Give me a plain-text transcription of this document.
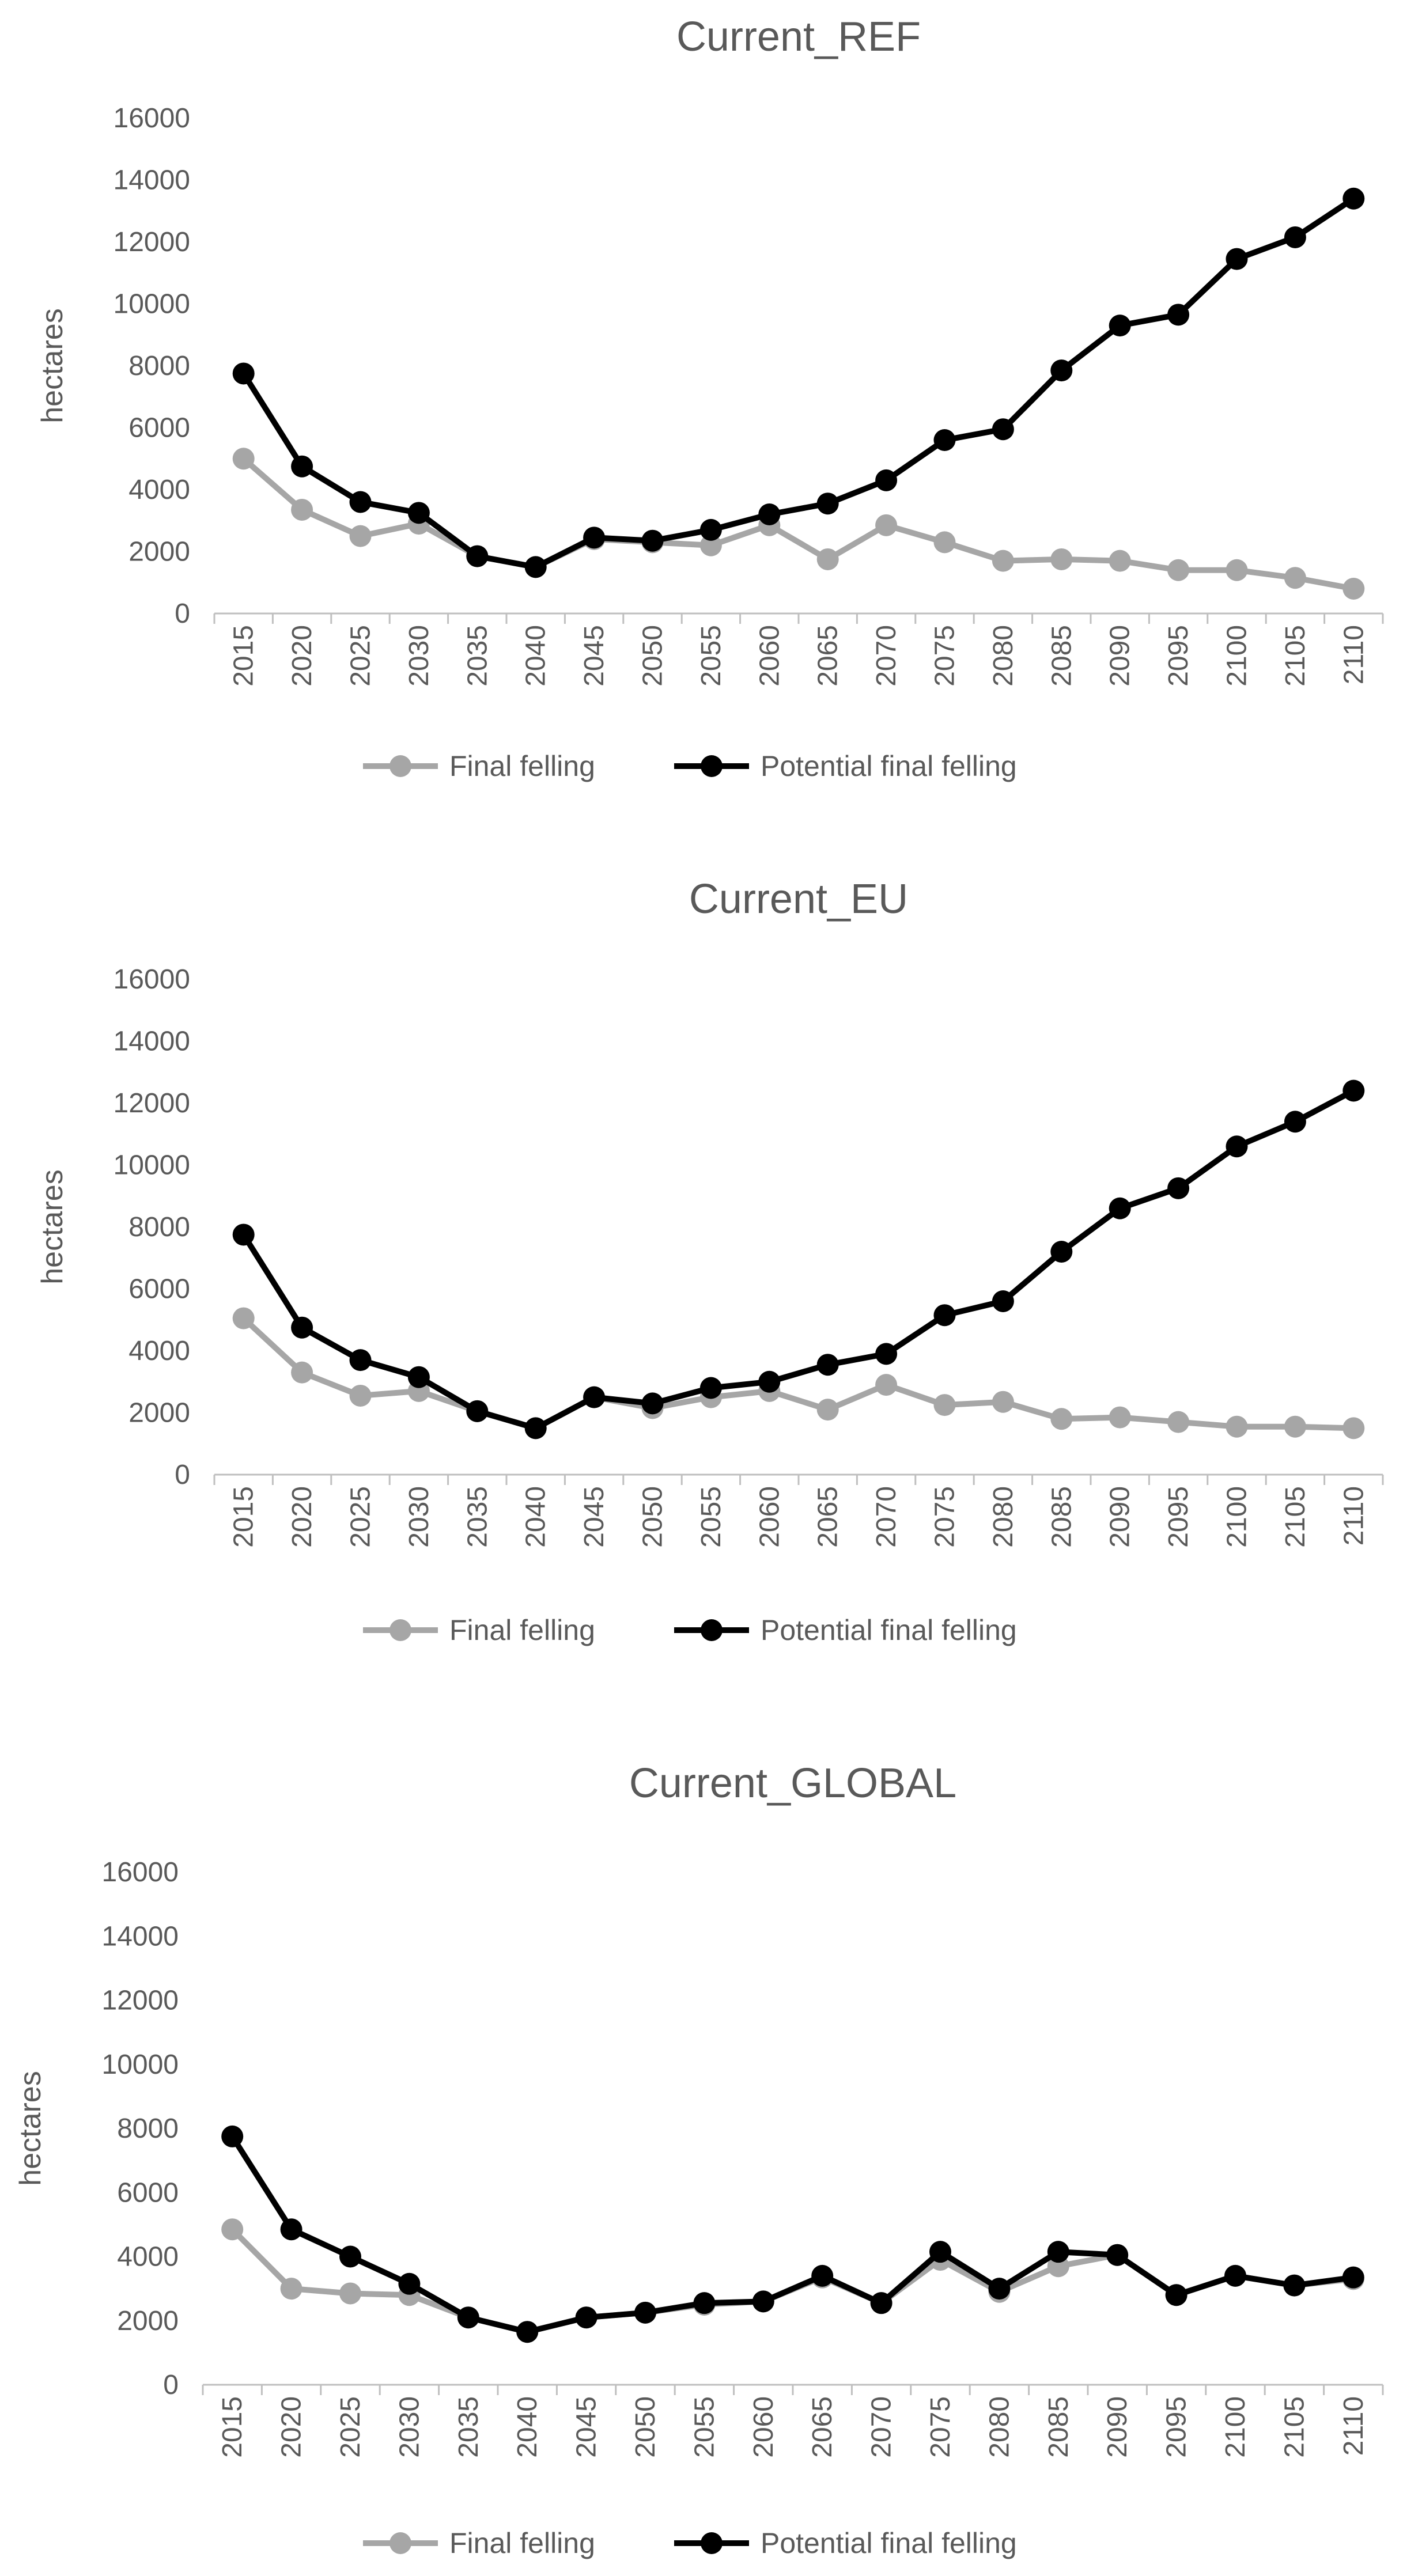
Current_REF
hectares
0
2000
4000
6000
8000
10000
12000
14000
16000
2015 2020 2025 2030 2035 2040 2045 2050 2055 2060 2065 2070 2075 2080 2085 2090 2095 2100 2105 2110
Final felling	Potential final felling
Current_EU
hectares
0
2000
4000
6000
8000
10000
12000
14000
16000
2015 2020 2025 2030 2035 2040 2045 2050 2055 2060 2065 2070 2075 2080 2085 2090 2095 2100 2105 2110
Final felling	Potential final felling
Current_GLOBAL
hectares
0
2000
4000
6000
8000
10000
12000
14000
16000
2015 2020 2025 2030 2035 2040 2045 2050 2055 2060 2065 2070 2075 2080 2085 2090 2095 2100 2105 2110
Final felling	Potential final felling
